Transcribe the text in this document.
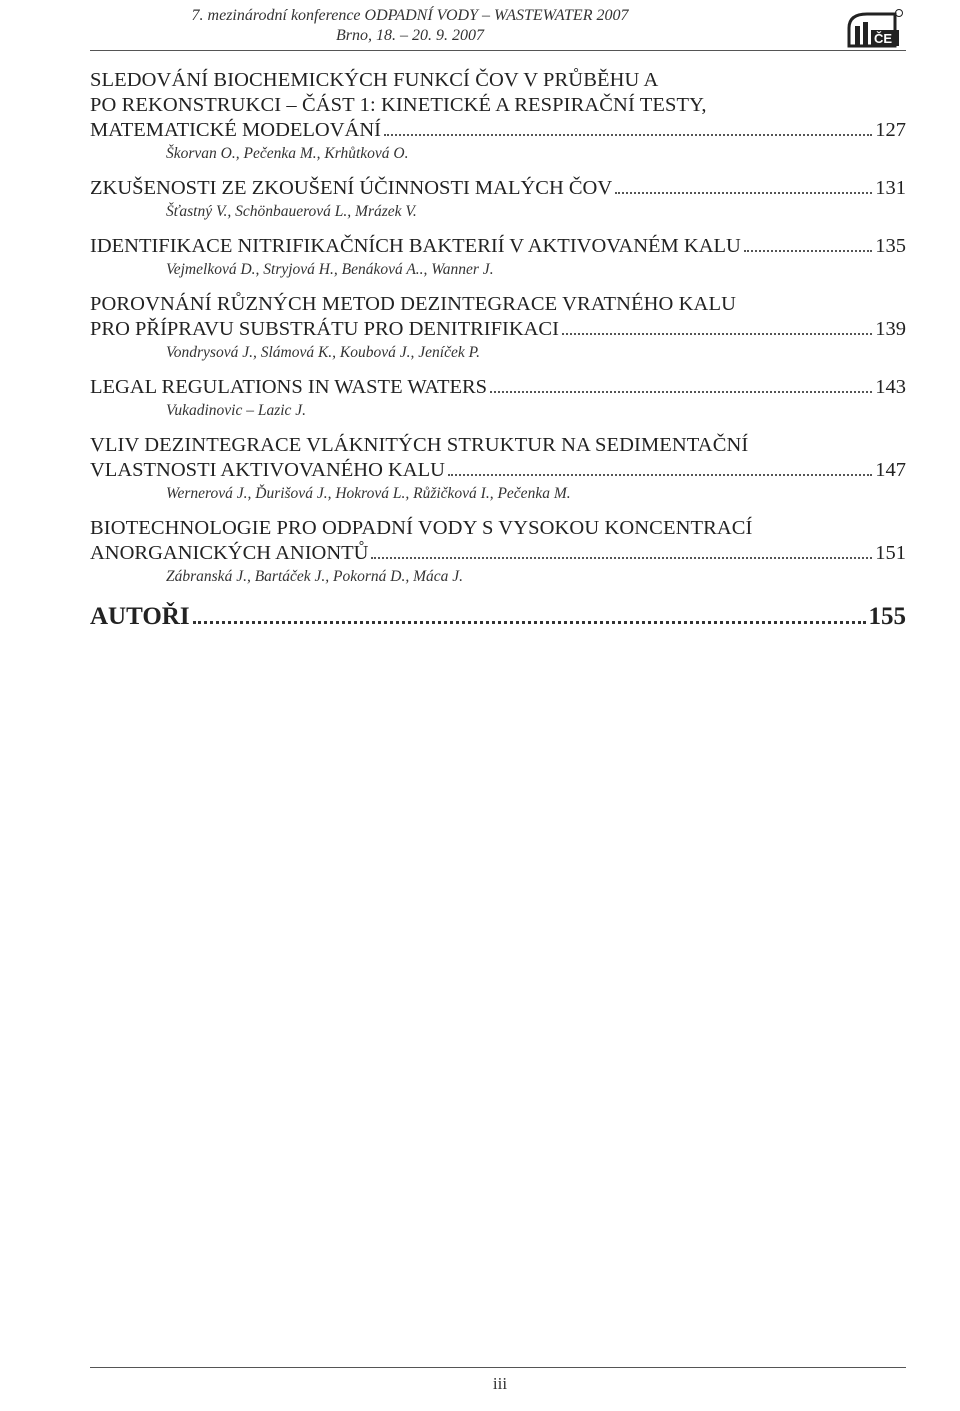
7. mezinárodní konference ODPADNÍ VODY – WASTEWATER 2007
Brno, 18. – 20. 9. 2007	ČE
SLEDOVÁNÍ BIOCHEMICKÝCH FUNKCÍ ČOV V PRŮBĚHU A
PO REKONSTRUKCI – ČÁST 1: KINETICKÉ A RESPIRAČNÍ TESTY,
MATEMATICKÉ MODELOVÁNÍ	127
Škorvan O., Pečenka M., Krhůtková O.
ZKUŠENOSTI ZE ZKOUŠENÍ ÚČINNOSTI MALÝCH ČOV	131
Šťastný V., Schönbauerová L., Mrázek V.
IDENTIFIKACE NITRIFIKAČNÍCH BAKTERIÍ V AKTIVOVANÉM KALU	135
Vejmelková D., Stryjová H., Benáková A.., Wanner J.
POROVNÁNÍ RŮZNÝCH METOD DEZINTEGRACE VRATNÉHO KALU
PRO PŘÍPRAVU SUBSTRÁTU PRO DENITRIFIKACI	139
Vondrysová J., Slámová K., Koubová J., Jeníček P.
LEGAL REGULATIONS IN WASTE WATERS	143
Vukadinovic – Lazic J.
VLIV DEZINTEGRACE VLÁKNITÝCH STRUKTUR NA SEDIMENTAČNÍ
VLASTNOSTI AKTIVOVANÉHO KALU	147
Wernerová J., Ďurišová J., Hokrová L., Růžičková I., Pečenka M.
BIOTECHNOLOGIE PRO ODPADNÍ VODY S VYSOKOU KONCENTRACÍ
ANORGANICKÝCH ANIONTŮ	151
Zábranská J., Bartáček J., Pokorná D., Máca J.
AUTOŘI	155
iii
